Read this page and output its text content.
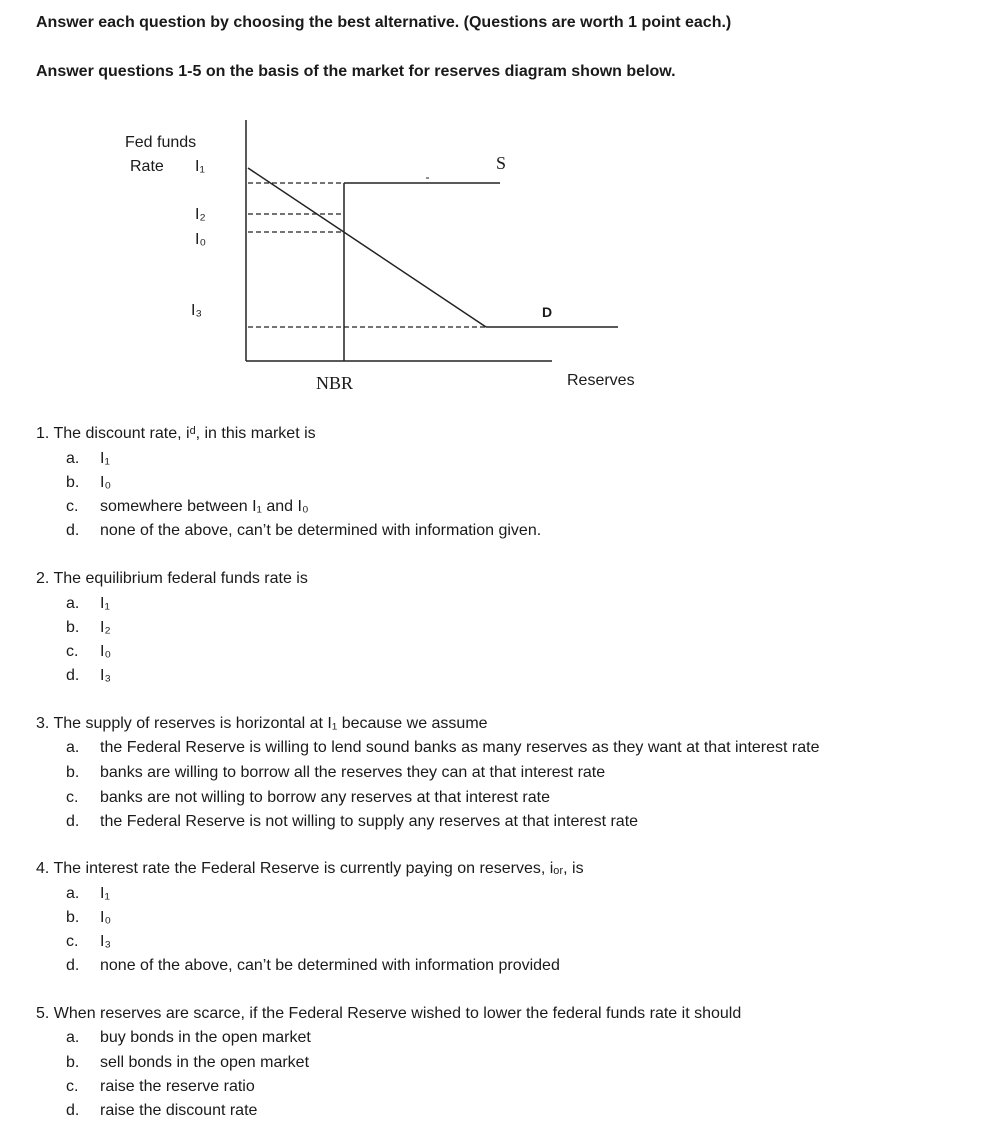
Answer each question by choosing the best alternative. (Questions are worth 1 point each.)
Answer questions 1-5 on the basis of the market for reserves diagram shown below.
Fed funds
Rate I₁
I₂
I₀
I₃
S
D
NBR	Reserves
1. The discount rate, iᵈ, in this market is
a. I₁
b. I₀
c. somewhere between I₁ and I₀
d. none of the above, can’t be determined with information given.
2. The equilibrium federal funds rate is
a. I₁
b. I₂
c. I₀
d. I₃
3. The supply of reserves is horizontal at I₁ because we assume
a. the Federal Reserve is willing to lend sound banks as many reserves as they want at that interest rate
b. banks are willing to borrow all the reserves they can at that interest rate
c. banks are not willing to borrow any reserves at that interest rate
d. the Federal Reserve is not willing to supply any reserves at that interest rate
4. The interest rate the Federal Reserve is currently paying on reserves, iₒᵣ, is
a. I₁
b. I₀
c. I₃
d. none of the above, can’t be determined with information provided
5. When reserves are scarce, if the Federal Reserve wished to lower the federal funds rate it should
a. buy bonds in the open market
b. sell bonds in the open market
c. raise the reserve ratio
d. raise the discount rate
